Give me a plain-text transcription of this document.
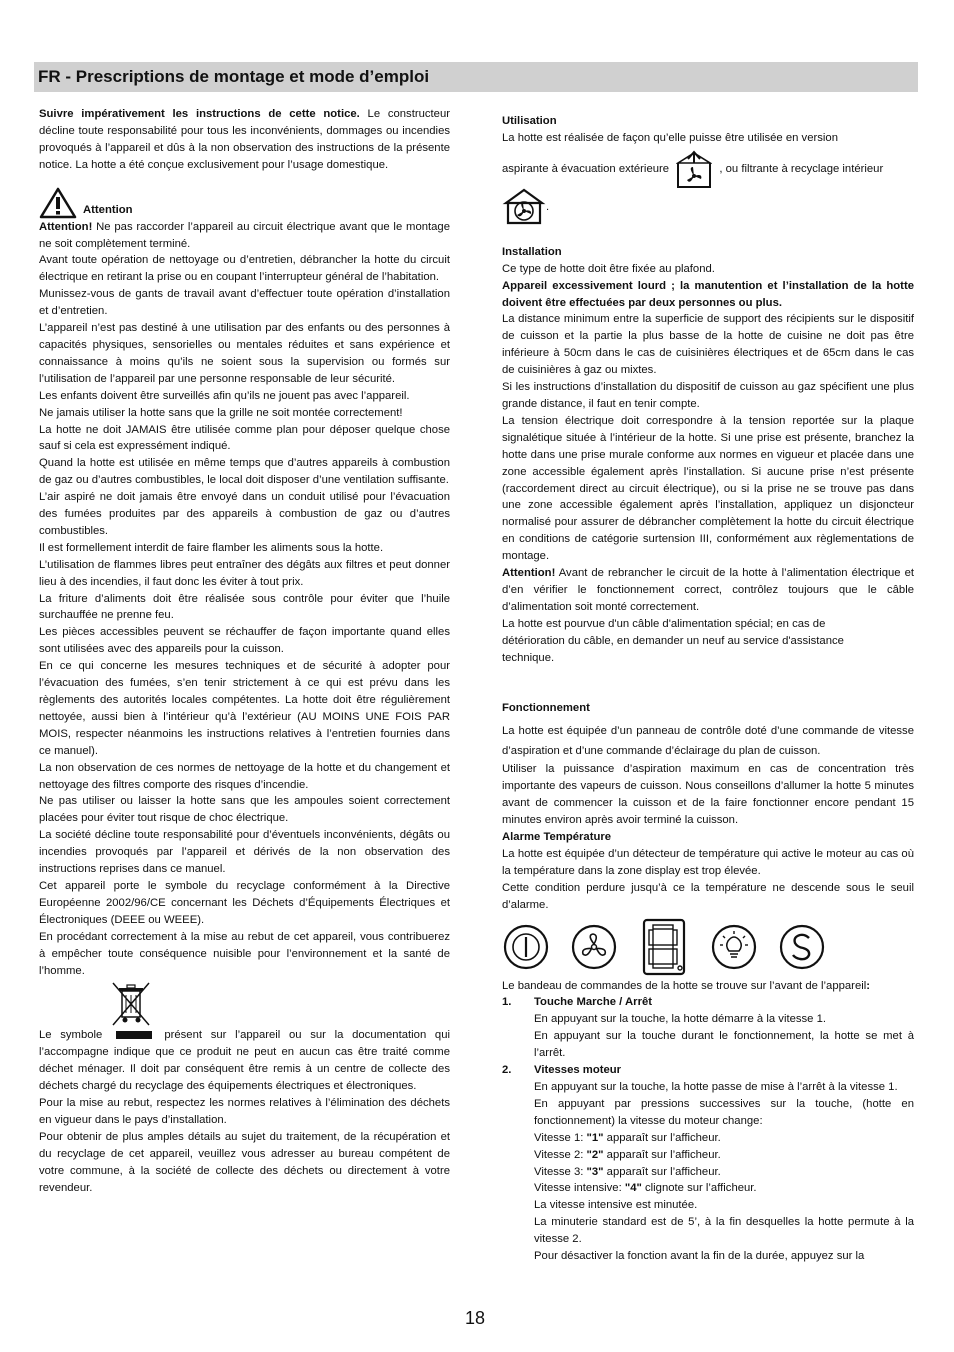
FR - Prescriptions de montage et mode d’emploi

Suivre impérativement les instructions de cette notice. Le constructeur décline toute responsabilité pour tous les inconvénients, dommages ou incendies provoqués à l’appareil et dûs à la non observation des instructions de la présente notice. La hotte a été conçue exclusivement pour l’usage domestique.

Attention

Attention! Ne pas raccorder l’appareil au circuit électrique avant que le montage ne soit complètement terminé.

Avant toute opération de nettoyage ou d’entretien, débrancher la hotte du circuit électrique en retirant la prise ou en coupant l’interrupteur général de l’habitation.

Munissez-vous de gants de travail avant d’effectuer toute opération d’installation et d’entretien.

L’appareil n’est pas destiné à une utilisation par des enfants ou des personnes à capacités physiques, sensorielles ou mentales réduites et sans expérience et connaissance à moins qu’ils ne soient sous la supervision ou formés sur l’utilisation de l’appareil par une personne responsable de leur sécurité.

Les enfants doivent être surveillés afin qu’ils ne jouent pas avec l’appareil.

Ne jamais utiliser la hotte sans que la grille ne soit montée correctement!

La hotte ne doit JAMAIS être utilisée comme plan pour déposer quelque chose sauf si cela est expressément indiqué.

Quand la hotte est utilisée en même temps que d’autres appareils à combustion de gaz ou d’autres combustibles, le local doit disposer d’une ventilation suffisante.

L’air aspiré ne doit jamais être envoyé dans un conduit utilisé pour l’évacuation des fumées produites par des appareils à combustion de gaz ou d’autres combustibles.

Il est formellement interdit de faire flamber les aliments sous la hotte.

L’utilisation de flammes libres peut entraîner des dégâts aux filtres et peut donner lieu à des incendies, il faut donc les éviter à tout prix.

La friture d’aliments doit être réalisée sous contrôle pour éviter que l’huile surchauffée ne prenne feu.

Les pièces accessibles peuvent se réchauffer de façon importante quand elles sont utilisées avec des appareils pour la cuisson.

En ce qui concerne les mesures techniques et de sécurité à adopter pour l’évacuation des fumées, s’en tenir strictement à ce qui est prévu dans les règlements des autorités locales compétentes. La hotte doit être régulièrement nettoyée, aussi bien à l’intérieur qu’à l’extérieur (AU MOINS UNE FOIS PAR MOIS, respecter néanmoins les instructions relatives à l’entretien fournies dans ce manuel).

La non observation de ces normes de nettoyage de la hotte et du changement et nettoyage des filtres comporte des risques d’incendie.

Ne pas utiliser ou laisser la hotte sans que les ampoules soient correctement placées pour éviter tout risque de choc électrique.

La société décline toute responsabilité pour d’éventuels inconvénients, dégâts ou incendies provoqués par l’appareil et dérivés de la non observation des instructions reprises dans ce manuel.

Cet appareil porte le symbole du recyclage conformément à la Directive Européenne 2002/96/CE concernant les Déchets d’Équipements Électriques et Électroniques (DEEE ou WEEE).

En procédant correctement à la mise au rebut de cet appareil, vous contribuerez à empêcher toute conséquence nuisible pour l’environnement et la santé de l’homme.

Le symbole	présent sur l’appareil ou sur la documentation qui l’accompagne indique que ce produit ne peut en aucun cas être traité comme déchet ménager. Il doit par conséquent être remis à un centre de collecte des déchets chargé du recyclage des équipements électriques et électroniques.

Pour la mise au rebut, respectez les normes relatives à l’élimination des déchets en vigueur dans le pays d’installation.

Pour obtenir de plus amples détails au sujet du traitement, de la récupération et du recyclage de cet appareil, veuillez vous adresser au bureau compétent de votre commune, à la société de collecte des déchets ou directement à votre revendeur.

Utilisation

La hotte est réalisée de façon qu’elle puisse être utilisée en version

aspirante à évacuation extérieure	, ou filtrante à recyclage intérieur

.

Installation

Ce type de hotte doit être fixée au plafond.

Appareil excessivement lourd ; la manutention et l’installation de la hotte doivent être effectuées par deux personnes ou plus.

La distance minimum entre la superficie de support des récipients sur le dispositif de cuisson et la partie la plus basse de la hotte de cuisine ne doit pas être inférieure à 50cm dans le cas de cuisinières électriques et de 65cm dans le cas de cuisinières à gaz ou mixtes.

Si les instructions d’installation du dispositif de cuisson au gaz spécifient une plus grande distance, il faut en tenir compte.

La tension électrique doit correspondre à la tension reportée sur la plaque signalétique située à l’intérieur de la hotte. Si une prise est présente, branchez la hotte dans une prise murale conforme aux normes en vigueur et placée dans une zone accessible également après l’installation. Si aucune prise n’est présente (raccordement direct au circuit électrique), ou si la prise ne se trouve pas dans une zone accessible également après l’installation, appliquez un disjoncteur normalisé pour assurer de débrancher complètement la hotte du circuit électrique en conditions de catégorie surtension III, conformément aux règlementations de montage.

Attention! Avant de rebrancher le circuit de la hotte à l’alimentation électrique et d’en vérifier le fonctionnement correct, contrôlez toujours que le câble d’alimentation soit monté correctement.

La hotte est pourvue d'un câble d'alimentation spécial; en cas de détérioration du câble, en demander un neuf au service d'assistance technique.

Fonctionnement

La hotte est équipée d’un panneau de contrôle doté d’une commande de vitesse d’aspiration et d’une commande d’éclairage du plan de cuisson.

Utiliser la puissance d’aspiration maximum en cas de concentration très importante des vapeurs de cuisson. Nous conseillons d’allumer la hotte 5 minutes avant de commencer la cuisson et de la faire fonctionner encore pendant 15 minutes environ après avoir terminé la cuisson.

Alarme Température

La hotte est équipée d’un détecteur de température qui active le moteur au cas où la température dans la zone display est trop élevée.

Cette condition perdure jusqu’à ce la température ne descende sous le seuil d’alarme.

Le bandeau de commandes de la hotte se trouve sur l’avant de l’appareil:

1. Touche Marche / Arrêt

En appuyant sur la touche, la hotte démarre à la vitesse 1.

En appuyant sur la touche durant le fonctionnement, la hotte se met à l’arrêt.

2. Vitesses moteur

En appuyant sur la touche, la hotte passe de mise à l’arrêt à la vitesse 1.

En appuyant par pressions successives sur la touche, (hotte en fonctionnement) la vitesse du moteur change:

Vitesse 1: "1" apparaît sur l’afficheur.

Vitesse 2: "2" apparaît sur l’afficheur.

Vitesse 3: "3" apparaît sur l’afficheur.

Vitesse intensive: "4" clignote sur l’afficheur.

La vitesse intensive est minutée.

La minuterie standard est de 5’, à la fin desquelles la hotte permute à la vitesse 2.

Pour désactiver la fonction avant la fin de la durée, appuyez sur la

18
